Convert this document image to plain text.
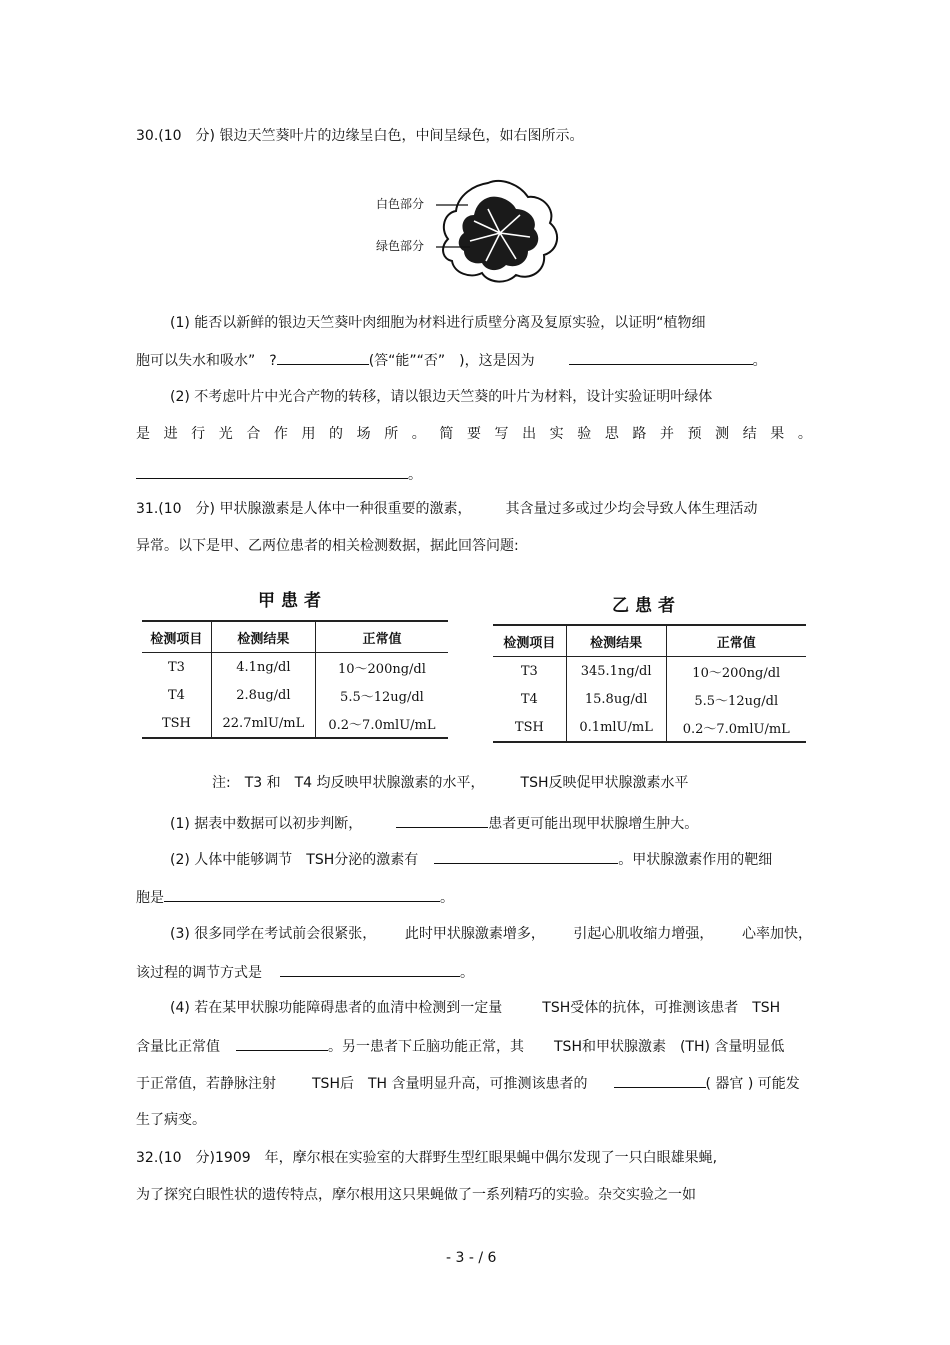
30.(10　分) 银边天竺葵叶片的边缘呈白色，中间呈绿色，如右图所示。
白色部分
绿色部分
(1) 能否以新鲜的银边天竺葵叶肉细胞为材料进行质壁分离及复原实验，以证明“植物细
胞可以失水和吸水”　?	(答“能”“否”　)，这是因为	。
(2) 不考虑叶片中光合产物的转移，请以银边天竺葵的叶片为材料，设计实验证明叶绿体
是 进 行 光 合 作 用 的 场 所 。 简 要 写 出 实 验 思 路 并 预 测 结 果 。
。
31.(10　分) 甲状腺激素是人体中一种很重要的激素， 其含量过多或过少均会导致人体生理活动
异常。以下是甲、乙两位患者的相关检测数据，据此回答问题:
甲患者
检测项目	检测结果	正常值
T3	4.1ng/dl	10～200ng/dl
T4	2.8ug/dl	5.5～12ug/dl
TSH	22.7mlU/mL	0.2～7.0mlU/mL
乙患者
检测项目	检测结果	正常值
T3	345.1ng/dl	10～200ng/dl
T4	15.8ug/dl	5.5～12ug/dl
TSH	0.1mlU/mL	0.2～7.0mlU/mL
注:　T3 和　T4 均反映甲状腺激素的水平，	TSH反映促甲状腺激素水平
(1) 据表中数据可以初步判断，	患者更可能出现甲状腺增生肿大。
(2) 人体中能够调节　TSH分泌的激素有	。甲状腺激素作用的靶细
胞是	。
(3) 很多同学在考试前会很紧张， 此时甲状腺激素增多， 引起心肌收缩力增强， 心率加快，
该过程的调节方式是	。
(4) 若在某甲状腺功能障碍患者的血清中检测到一定量	TSH受体的抗体，可推测该患者　TSH
含量比正常值	。另一患者下丘脑功能正常，其 TSH和甲状腺激素　(TH) 含量明显低
于正常值，若静脉注射	TSH后　TH 含量明显升高，可推测该患者的	( 器官 ) 可能发
生了病变。
32.(10　分)1909　年，摩尔根在实验室的大群野生型红眼果蝇中偶尔发现了一只白眼雄果蝇,
为了探究白眼性状的遗传特点，摩尔根用这只果蝇做了一系列精巧的实验。杂交实验之一如
- 3 - / 6
